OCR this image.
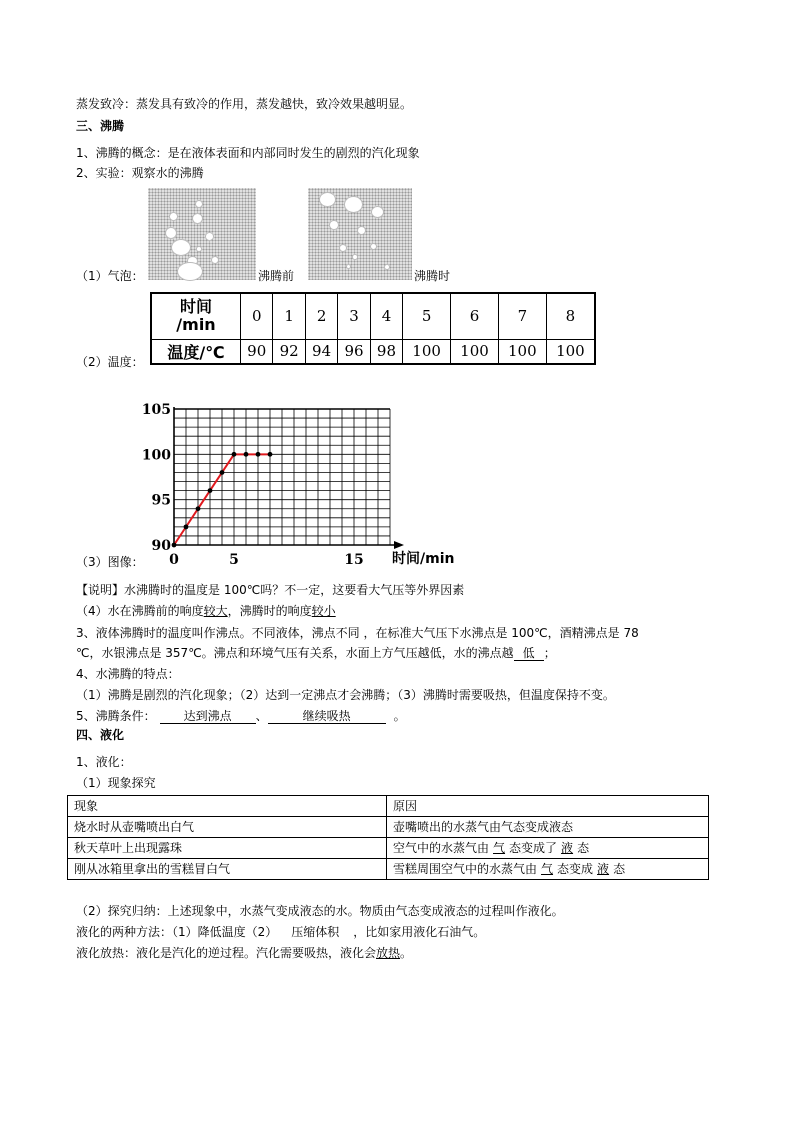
蒸发致冷：蒸发具有致冷的作用，蒸发越快，致冷效果越明显。
三、沸腾
1、沸腾的概念：是在液体表面和内部同时发生的剧烈的汽化现象
2、实验：观察水的沸腾
（1）气泡：	沸腾前	沸腾时
（2）温度：
时间
/min	0	1	2	3	4	5	6	7	8
温度/℃	90	92	94	96	98	100	100	100	100
（3）图像：
90
95
100
105
0	5	15 时间/min
【说明】水沸腾时的温度是 100℃吗？不一定，这要看大气压等外界因素
（4）水在沸腾前的响度较大，沸腾时的响度较小
3、液体沸腾时的温度叫作沸点。不同液体，沸点不同 ，在标准大气压下水沸点是 100℃，酒精沸点是 78
℃，水银沸点是 357℃。沸点和环境气压有关系，水面上方气压越低，水的沸点越 低 ；
4、水沸腾的特点：
（1）沸腾是剧烈的汽化现象；（2）达到一定沸点才会沸腾；（3）沸腾时需要吸热，但温度保持不变。
5、沸腾条件： 达到沸点 、	继续吸热	。
四、液化
1、液化：
（1）现象探究
现象	原因
烧水时从壶嘴喷出白气	壶嘴喷出的水蒸气由气态变成液态
秋天草叶上出现露珠	空气中的水蒸气由 气 态变成了 液 态
刚从冰箱里拿出的雪糕冒白气	雪糕周围空气中的水蒸气由 气 态变成 液 态
（2）探究归纳：上述现象中，水蒸气变成液态的水。物质由气态变成液态的过程叫作液化。
液化的两种方法：（1）降低温度（2） 压缩体积 ，比如家用液化石油气。
液化放热：液化是汽化的逆过程。汽化需要吸热，液化会放热。
